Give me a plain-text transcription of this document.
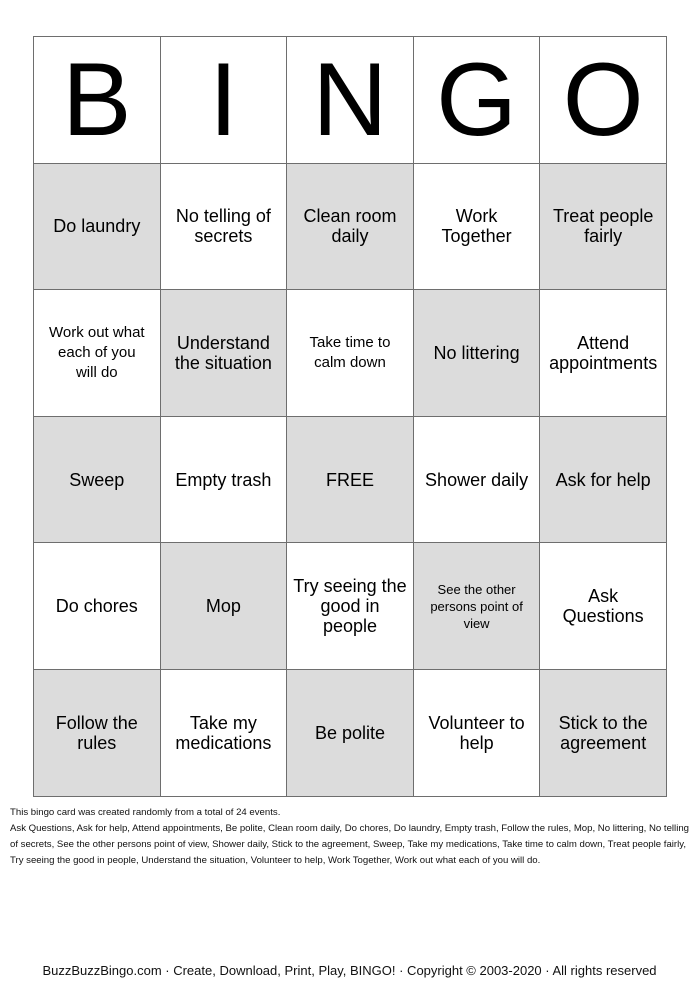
B	I	N	G	O
Do laundry	No telling of secrets	Clean room daily	Work Together	Treat people fairly
Work out what each of you will do	Understand the situation	Take time to calm down	No littering	Attend appointments
Sweep	Empty trash	FREE	Shower daily	Ask for help
Do chores	Mop	Try seeing the good in people	See the other persons point of view	Ask Questions
Follow the rules	Take my medications	Be polite	Volunteer to help	Stick to the agreement
This bingo card was created randomly from a total of 24 events.
Ask Questions, Ask for help, Attend appointments, Be polite, Clean room daily, Do chores, Do laundry, Empty trash, Follow the rules, Mop, No littering, No telling of secrets, See the other persons point of view, Shower daily, Stick to the agreement, Sweep, Take my medications, Take time to calm down, Treat people fairly, Try seeing the good in people, Understand the situation, Volunteer to help, Work Together, Work out what each of you will do.
BuzzBuzzBingo.com · Create, Download, Print, Play, BINGO! · Copyright © 2003-2020 · All rights reserved
